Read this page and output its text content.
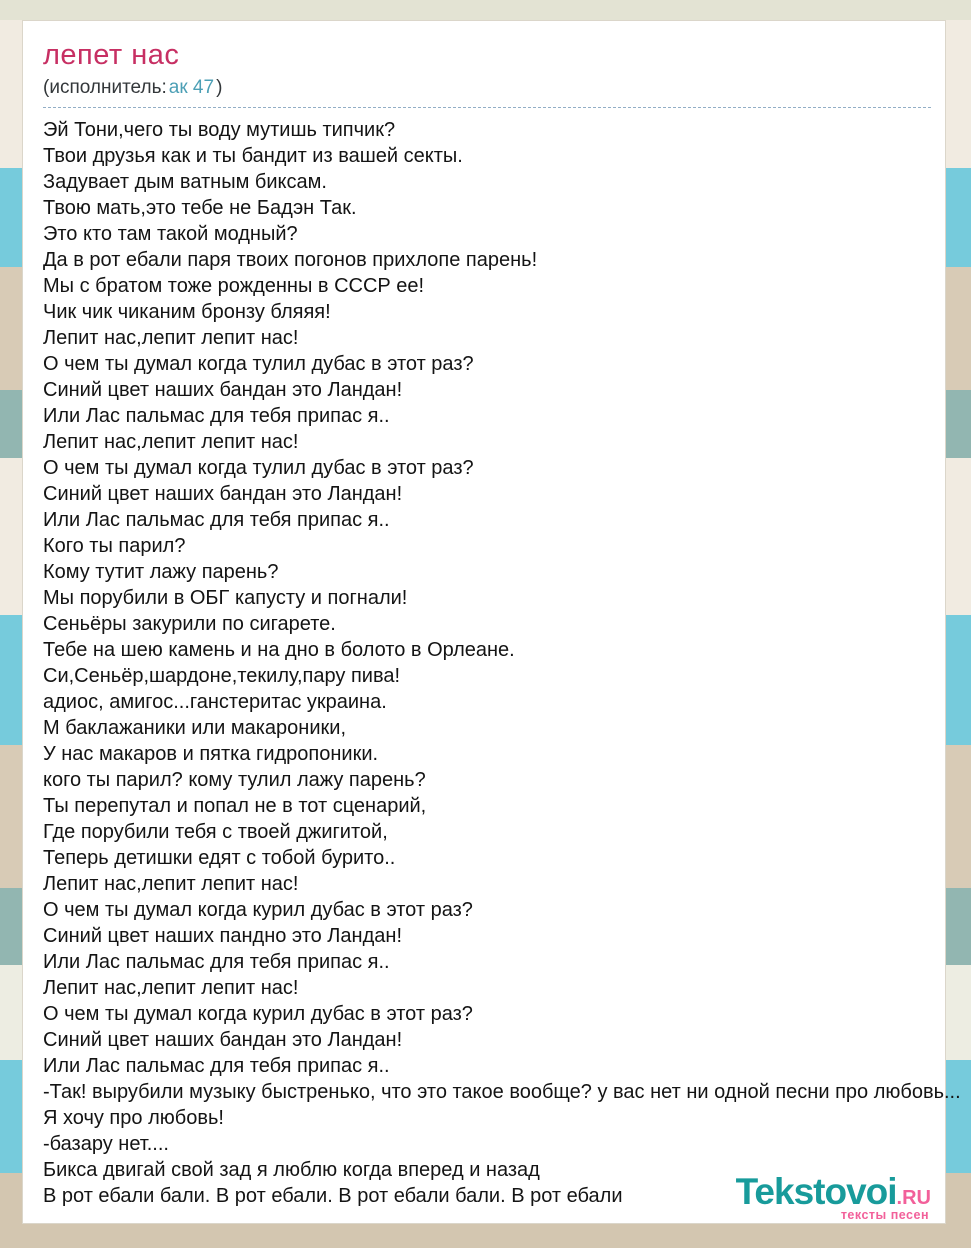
лепет нас
(исполнитель: ак 47 )
Эй Тони,чего ты воду мутишь типчик?
Твои друзья как и ты бандит из вашей секты.
Задувает дым ватным биксам.
Твою мать,это тебе не Бадэн Так.
Это кто там такой модный?
Да в рот ебали паря твоих погонов прихлопе парень!
Мы с братом тоже рожденны в СССР ее!
Чик чик чиканим бронзу бляяя!
Лепит нас,лепит лепит нас!
О чем ты думал когда тулил дубас в этот раз?
Синий цвет наших бандан это Ландан!
Или Лас пальмас для тебя припас я..
Лепит нас,лепит лепит нас!
О чем ты думал когда тулил дубас в этот раз?
Синий цвет наших бандан это Ландан!
Или Лас пальмас для тебя припас я..
Кого ты парил?
Кому тутит лажу парень?
Мы порубили в ОБГ капусту и погнали!
Сеньёры закурили по сигарете.
Тебе на шею камень и на дно в болото в Орлеане.
Си,Сеньёр,шардоне,текилу,пару пива!
адиос, амигос...ганстеритас украина.
М баклажаники или макароники,
У нас макаров и пятка гидропоники.
кого ты парил? кому тулил лажу парень?
Ты перепутал и попал не в тот сценарий,
Где порубили тебя с твоей джигитой,
Теперь детишки едят с тобой бурито..
Лепит нас,лепит лепит нас!
О чем ты думал когда курил дубас в этот раз?
Синий цвет наших пандно это Ландан!
Или Лас пальмас для тебя припас я..
Лепит нас,лепит лепит нас!
О чем ты думал когда курил дубас в этот раз?
Синий цвет наших бандан это Ландан!
Или Лас пальмас для тебя припас я..
-Так! вырубили музыку быстренько, что это такое вообще? у вас нет ни одной песни про любовь...
Я хочу про любовь!
-базару нет....
Бикса двигай свой зад я люблю когда вперед и назад
В рот ебали бали. В рот ебали. В рот ебали бали. В рот ебали	Tekstovoi.RU
тексты песен
